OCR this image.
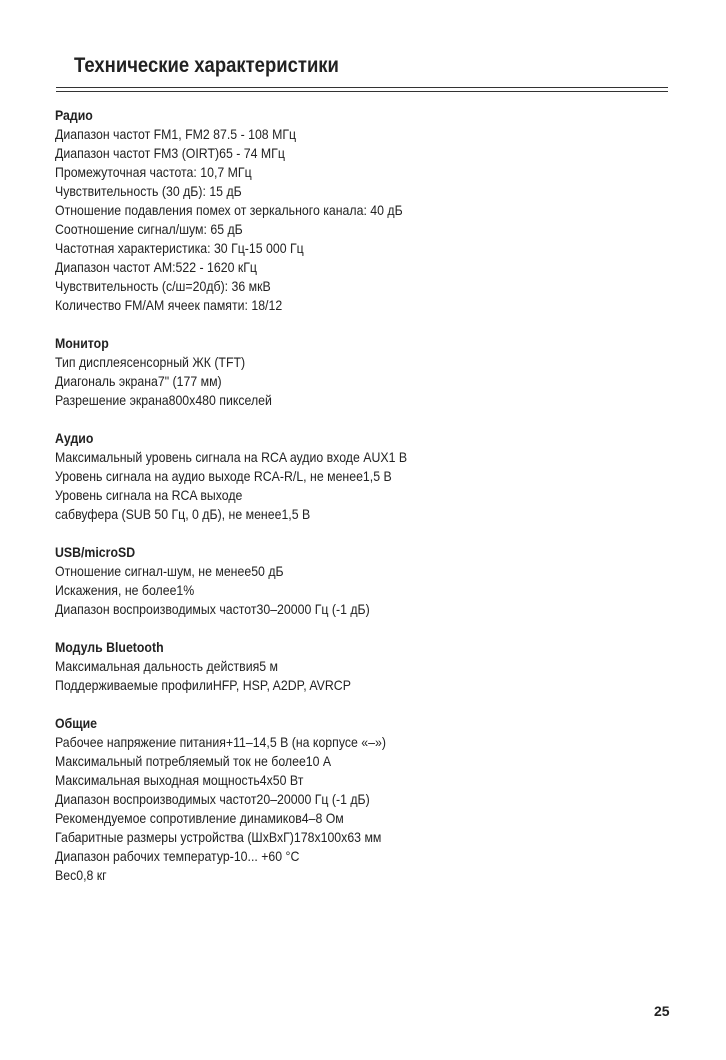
Технические характеристики

Радио

Диапазон частот FM1, FM2 87.5 - 108 МГц

Диапазон частот FM3 (OIRT)65 - 74 МГц

Промежуточная частота: 10,7 МГц

Чувствительность (30 дБ): 15 дБ

Отношение подавления помех от зеркального канала: 40 дБ

Соотношение сигнал/шум: 65 дБ

Частотная характеристика: 30 Гц-15 000 Гц

Диапазон частот АМ:522 - 1620 кГц

Чувствительность (с/ш=20дб): 36 мкВ

Количество FM/AM ячеек памяти: 18/12

Монитор

Тип дисплеясенсорный ЖК (TFT)

Диагональ экрана7" (177 мм)

Разрешение экрана800х480 пикселей

Аудио

Максимальный уровень сигнала на RCA аудио входе AUX1 В

Уровень сигнала на аудио выходе RCA-R/L, не менее1,5 В

Уровень сигнала на RCA выходе

сабвуфера (SUB 50 Гц, 0 дБ), не менее1,5 В

USB/microSD

Отношение сигнал-шум, не менее50 дБ

Искажения, не более1%

Диапазон воспроизводимых частот30–20000 Гц (-1 дБ)

Модуль Bluetooth

Максимальная дальность действия5 м

Поддерживаемые профилиHFP, HSP, A2DP, AVRCP

Общие

Рабочее напряжение питания+11–14,5 В (на корпусе «–»)

Максимальный потребляемый ток не более10 А

Максимальная выходная мощность4х50 Вт

Диапазон воспроизводимых частот20–20000 Гц (-1 дБ)

Рекомендуемое сопротивление динамиков4–8 Ом

Габаритные размеры устройства (ШхВхГ)178х100х63 мм

Диапазон рабочих температур-10... +60 °С

Вес0,8 кг

25
